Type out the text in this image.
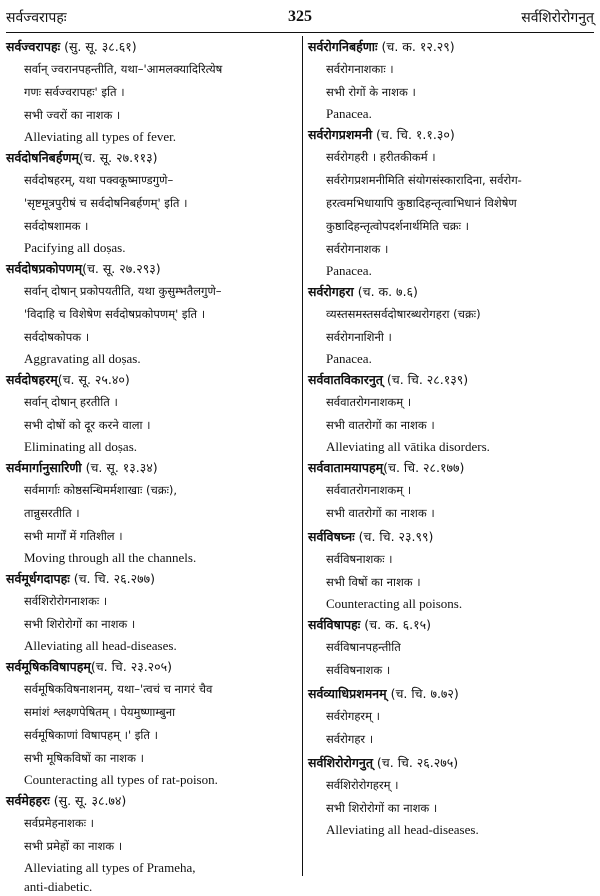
सर्वज्वरापहः	325	सर्वशिरोरोगनुत्
सर्वज्वरापहः (सु. सू. ३८.६१)
सर्वान् ज्वरानपहन्तीति, यथा–'आमलक्यादिरित्येष
गणः सर्वज्वरापहः' इति ।
सभी ज्वरों का नाशक ।
Alleviating all types of fever.
सर्वदोषनिबर्हणम्(च. सू. २७.११३)
सर्वदोषहरम्, यथा पक्वकूष्माण्डगुणे–
'सृष्टमूत्रपुरीषं च सर्वदोषनिबर्हणम्' इति ।
सर्वदोषशामक ।
Pacifying all doṣas.
सर्वदोषप्रकोपणम्(च. सू. २७.२९३)
सर्वान् दोषान् प्रकोपयतीति, यथा कुसुम्भतैलगुणे–
'विदाहि च विशेषेण सर्वदोषप्रकोपणम्' इति ।
सर्वदोषकोपक ।
Aggravating all doṣas.
सर्वदोषहरम्(च. सू. २५.४०)
सर्वान् दोषान् हरतीति ।
सभी दोषों को दूर करने वाला ।
Eliminating all doṣas.
सर्वमार्गानुसारिणी (च. सू. १३.३४)
सर्वमार्गाः कोष्ठसन्धिमर्मशाखाः (चक्रः),
तान्नुसरतीति ।
सभी मार्गों में गतिशील ।
Moving through all the channels.
सर्वमूर्धगदापहः (च. चि. २६.२७७)
सर्वशिरोरोगनाशकः ।
सभी शिरोरोगों का नाशक ।
Alleviating all head-diseases.
सर्वमूषिकविषापहम्(च. चि. २३.२०५)
सर्वमूषिकविषनाशनम्, यथा–'त्वचं च नागरं चैव
समांशं श्लक्ष्णपेषितम् । पेयमुष्णाम्बुना
सर्वमूषिकाणां विषापहम् ।' इति ।
सभी मूषिकविषों का नाशक ।
Counteracting all types of rat-poison.
सर्वमेहहरः (सु. सू. ३८.७४)
सर्वप्रमेहनाशकः ।
सभी प्रमेहों का नाशक ।
Alleviating all types of Prameha,
anti-diabetic.
सर्वरोगनिबर्हणाः (च. क. १२.२९)
सर्वरोगनाशकाः ।
सभी रोगों के नाशक ।
Panacea.
सर्वरोगप्रशमनी (च. चि. १.१.३०)
सर्वरोगहरी । हरीतकीकर्म ।
सर्वरोगप्रशमनीमिति संयोगसंस्कारादिना, सर्वरोग-
हरत्वमभिधायापि कुष्ठादिहन्तृत्वाभिधानं विशेषेण
कुष्ठादिहन्तृत्वोपदर्शनार्थमिति चक्रः ।
सर्वरोगनाशक ।
Panacea.
सर्वरोगहरा (च. क. ७.६)
व्यस्तसमस्तसर्वदोषारब्धरोगहरा (चक्रः)
सर्वरोगनाशिनी ।
Panacea.
सर्ववातविकारनुत् (च. चि. २८.१३९)
सर्ववातरोगनाशकम् ।
सभी वातरोगों का नाशक ।
Alleviating all vātika disorders.
सर्ववातामयापहम्(च. चि. २८.१७७)
सर्ववातरोगनाशकम् ।
सभी वातरोगों का नाशक ।
सर्वविषघ्नः (च. चि. २३.९९)
सर्वविषनाशकः ।
सभी विषों का नाशक ।
Counteracting all poisons.
सर्वविषापहः (च. क. ६.१५)
सर्वविषानपहन्तीति
सर्वविषनाशक ।
सर्वव्याधिप्रशमनम् (च. चि. ७.७२)
सर्वरोगहरम् ।
सर्वरोगहर ।
सर्वशिरोरोगनुत् (च. चि. २६.२७५)
सर्वशिरोरोगहरम् ।
सभी शिरोरोगों का नाशक ।
Alleviating all head-diseases.
